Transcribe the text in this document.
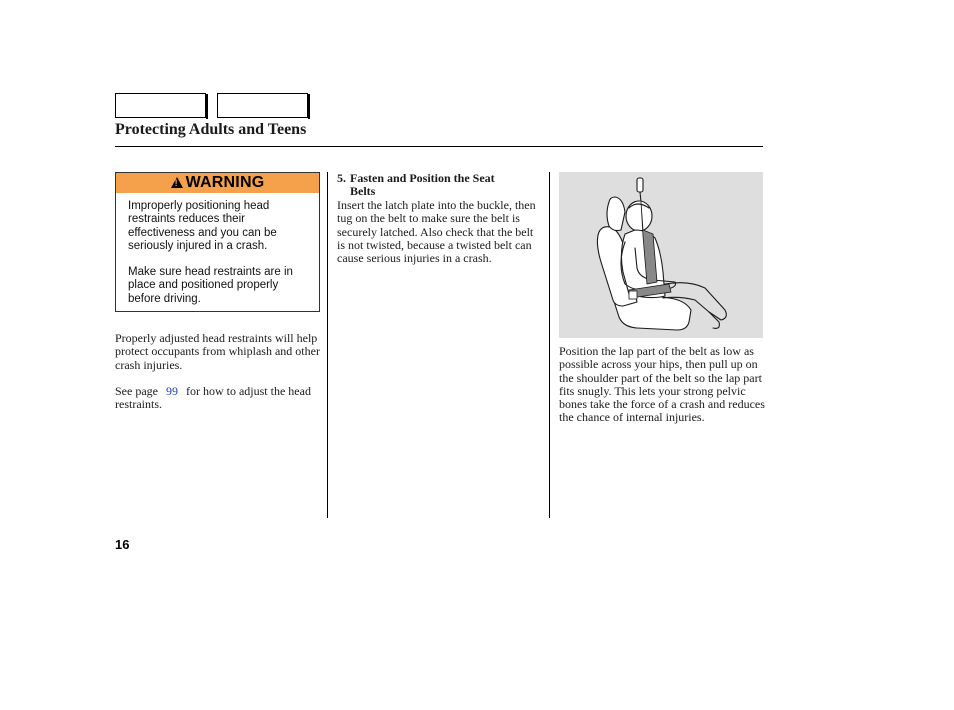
Protecting Adults and Teens
!
WARNING

Improperly positioning head restraints reduces their effectiveness and you can be seriously injured in a crash.

Make sure head restraints are in place and positioned properly before driving.

Properly adjusted head restraints will help protect occupants from whiplash and other crash injuries.

See page 99 for how to adjust the head restraints.

5. Fasten and Position the Seat
Belts

Insert the latch plate into the buckle, then tug on the belt to make sure the belt is securely latched. Also check that the belt is not twisted, because a twisted belt can cause serious injuries in a crash.

Position the lap part of the belt as low as possible across your hips, then pull up on the shoulder part of the belt so the lap part fits snugly. This lets your strong pelvic bones take the force of a crash and reduces the chance of internal injuries.

16
